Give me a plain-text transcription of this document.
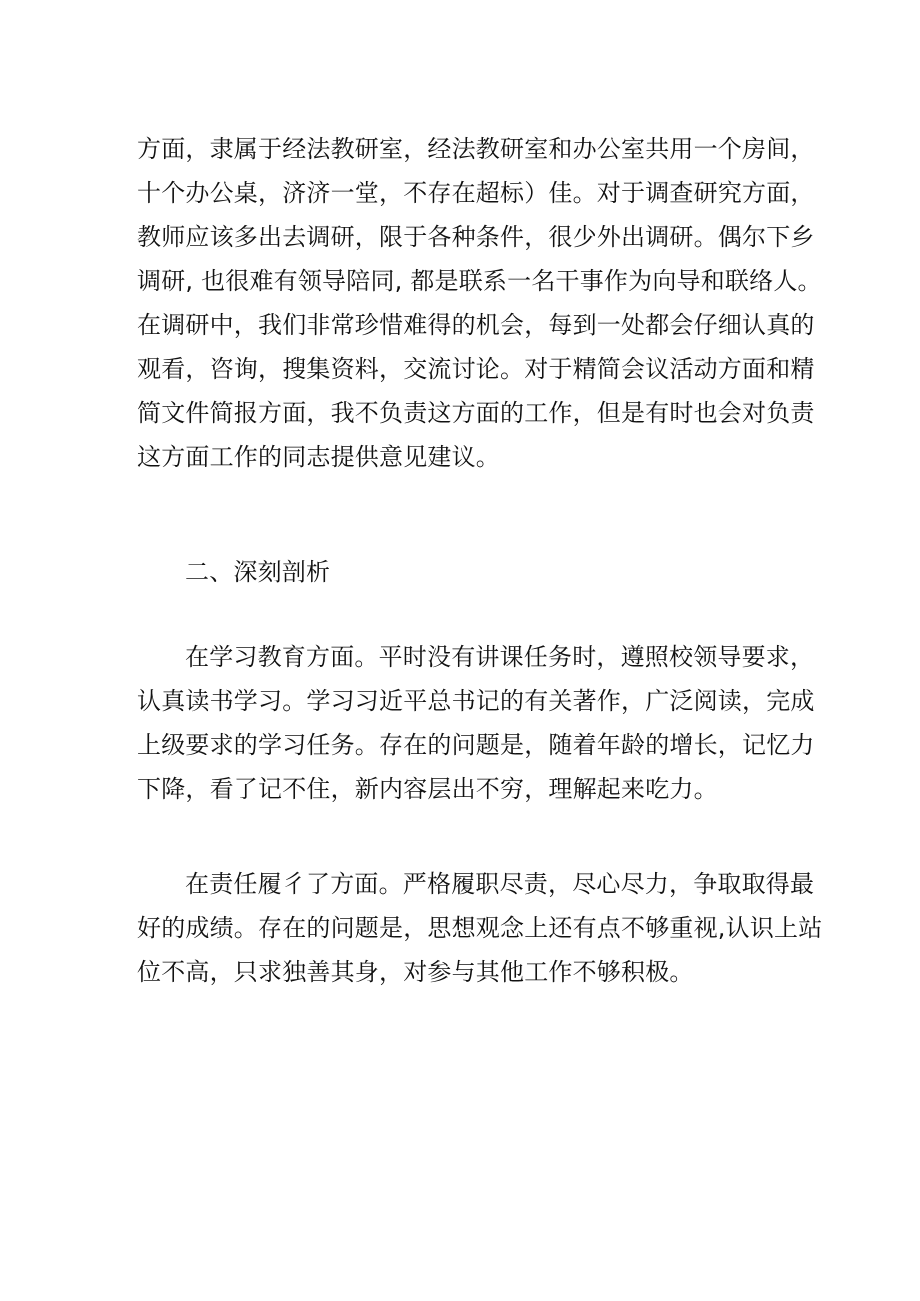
方面，隶属于经法教研室，经法教研室和办公室共用一个房间，
十个办公桌，济济一堂，不存在超标）佳。对于调查研究方面，
教师应该多出去调研，限于各种条件，很少外出调研。偶尔下乡
调研, 也很难有领导陪同, 都是联系一名干事作为向导和联络人。
在调研中，我们非常珍惜难得的机会，每到一处都会仔细认真的
观看，咨询，搜集资料，交流讨论。对于精简会议活动方面和精
简文件简报方面，我不负责这方面的工作，但是有时也会对负责
这方面工作的同志提供意见建议。
二、深刻剖析
在学习教育方面。平时没有讲课任务时，遵照校领导要求，
认真读书学习。学习习近平总书记的有关著作，广泛阅读，完成
上级要求的学习任务。存在的问题是，随着年龄的增长，记忆力
下降，看了记不住，新内容层出不穷，理解起来吃力。
在责任履彳了方面。严格履职尽责，尽心尽力，争取取得最
好的成绩。存在的问题是，思想观念上还有点不够重视,认识上站
位不高，只求独善其身，对参与其他工作不够积极。
